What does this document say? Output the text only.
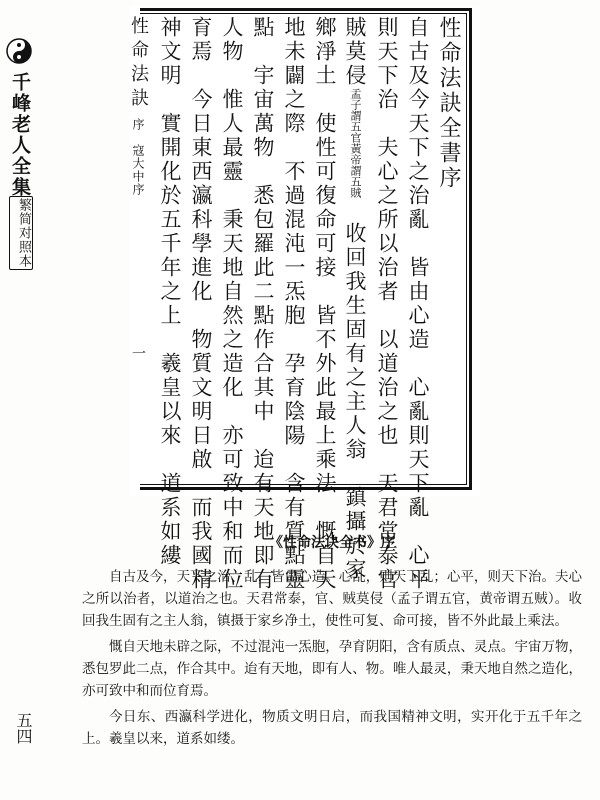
千峰老人全集
繁简对照本
五四
性命法訣全書序
自古及今天下之治亂　皆由心造　心亂則天下亂　心平
則天下治　夫心之所以治者　以道治之也　天君常泰官
賊莫侵孟子謂五官黃帝謂五賊　收回我生固有之主人翁　鎮攝於家
鄉淨土　使性可復命可接　皆不外此最上乘法　慨自天
地未闢之際　不過混沌一炁胞　孕育陰陽　含有質點靈
點　宇宙萬物　悉包羅此二點作合其中　迨有天地即有
人物　惟人最靈　秉天地自然之造化　亦可致中和而位
育焉　今日東西瀛科學進化　物質文明日啟　而我國精
神文明　實開化於五千年之上　羲皇以來　道系如縷
性命法訣序　寇大中序一

《性命法诀全书》序

自古及今，天下之治、乱，皆由心造。心乱，则天下乱；心平，则天下治。夫心之所以治者，以道治之也。天君常泰，官、贼莫侵（孟子谓五官，黄帝谓五贼）。收回我生固有之主人翁，镇摄于家乡净土，使性可复、命可接，皆不外此最上乘法。

慨自天地未辟之际，不过混沌一炁胞，孕育阴阳，含有质点、灵点。宇宙万物，悉包罗此二点，作合其中。迨有天地，即有人、物。唯人最灵，秉天地自然之造化，亦可致中和而位育焉。

今日东、西瀛科学进化，物质文明日启，而我国精神文明，实开化于五千年之上。羲皇以来，道系如缕。
